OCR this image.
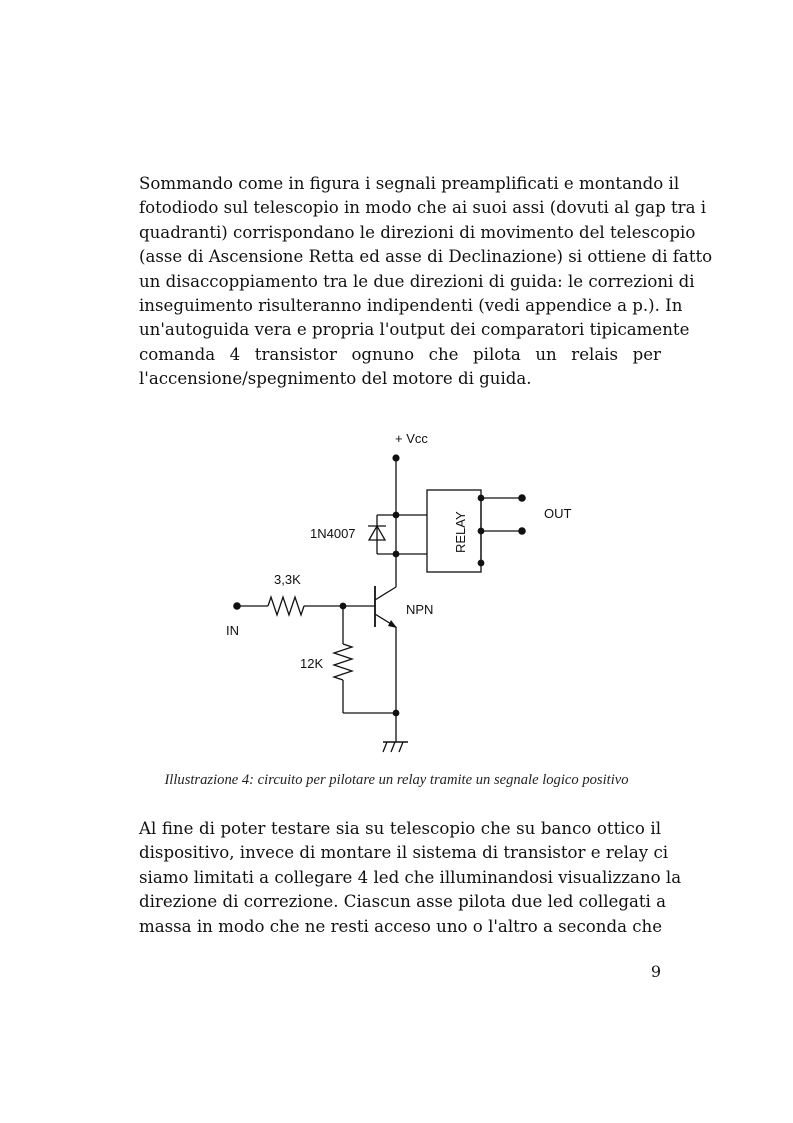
Sommando come in figura i segnali preamplificati e montando il
fotodiodo sul telescopio in modo che ai suoi assi (dovuti al gap tra i
quadranti) corrispondano le direzioni di movimento del telescopio
(asse di Ascensione Retta ed asse di Declinazione) si ottiene di fatto
un disaccoppiamento tra le due direzioni di guida: le correzioni di
inseguimento risulteranno indipendenti (vedi appendice a p.). In
un'autoguida vera e propria l'output dei comparatori tipicamente
comanda 4 transistor ognuno che pilota un relais per
l'accensione/spegnimento del motore di guida.

+ Vcc
1N4007	RELAY	OUT
3,3K
IN
NPN
12K
Illustrazione 4: circuito per pilotare un relay tramite un segnale logico positivo

Al fine di poter testare sia su telescopio che su banco ottico il
dispositivo, invece di montare il sistema di transistor e relay ci
siamo limitati a collegare 4 led che illuminandosi visualizzano la
direzione di correzione. Ciascun asse pilota due led collegati a
massa in modo che ne resti acceso uno o l'altro a seconda che

9
